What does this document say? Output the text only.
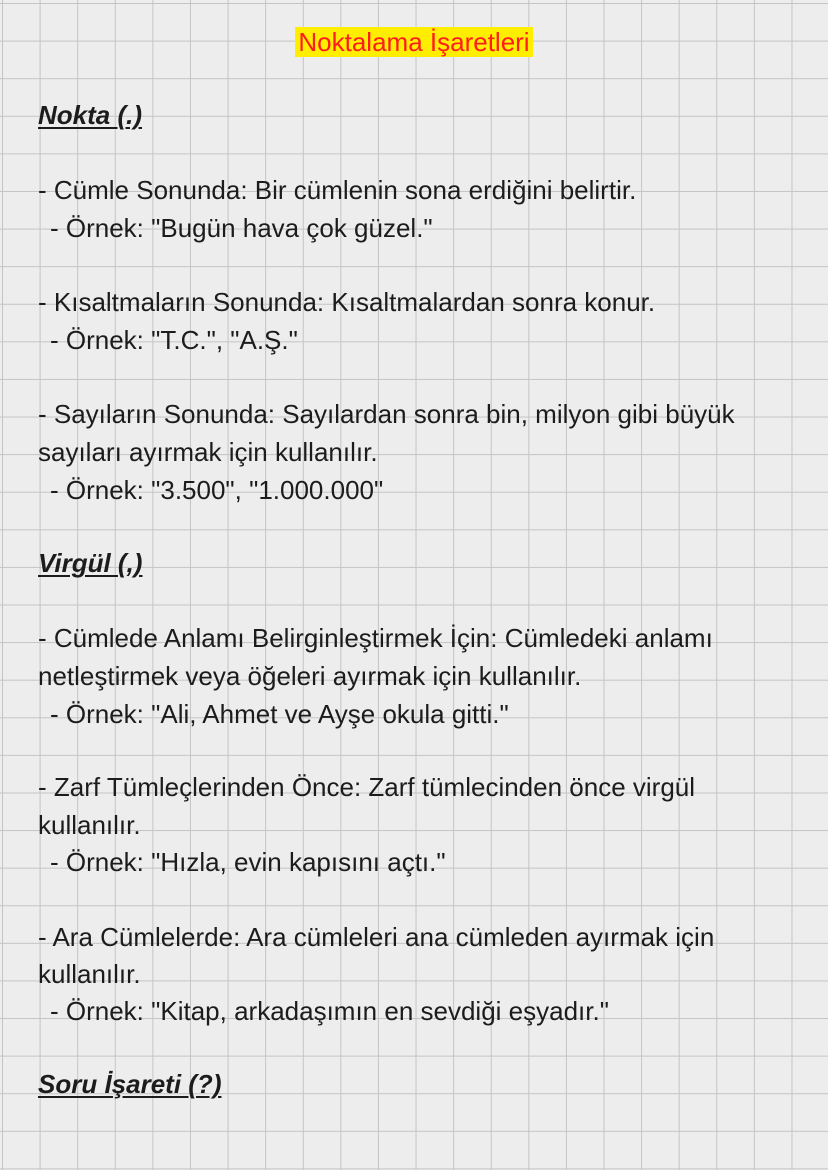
Noktalama İşaretleri
Nokta (.)
- Cümle Sonunda: Bir cümlenin sona erdiğini belirtir.
- Örnek: "Bugün hava çok güzel."
- Kısaltmaların Sonunda: Kısaltmalardan sonra konur.
- Örnek: "T.C.", "A.Ş."
- Sayıların Sonunda: Sayılardan sonra bin, milyon gibi büyük
sayıları ayırmak için kullanılır.
- Örnek: "3.500", "1.000.000"
Virgül (,)
- Cümlede Anlamı Belirginleştirmek İçin: Cümledeki anlamı
netleştirmek veya öğeleri ayırmak için kullanılır.
- Örnek: "Ali, Ahmet ve Ayşe okula gitti."
- Zarf Tümleçlerinden Önce: Zarf tümlecinden önce virgül
kullanılır.
- Örnek: "Hızla, evin kapısını açtı."
- Ara Cümlelerde: Ara cümleleri ana cümleden ayırmak için
kullanılır.
- Örnek: "Kitap, arkadaşımın en sevdiği eşyadır."
Soru İşareti (?)
